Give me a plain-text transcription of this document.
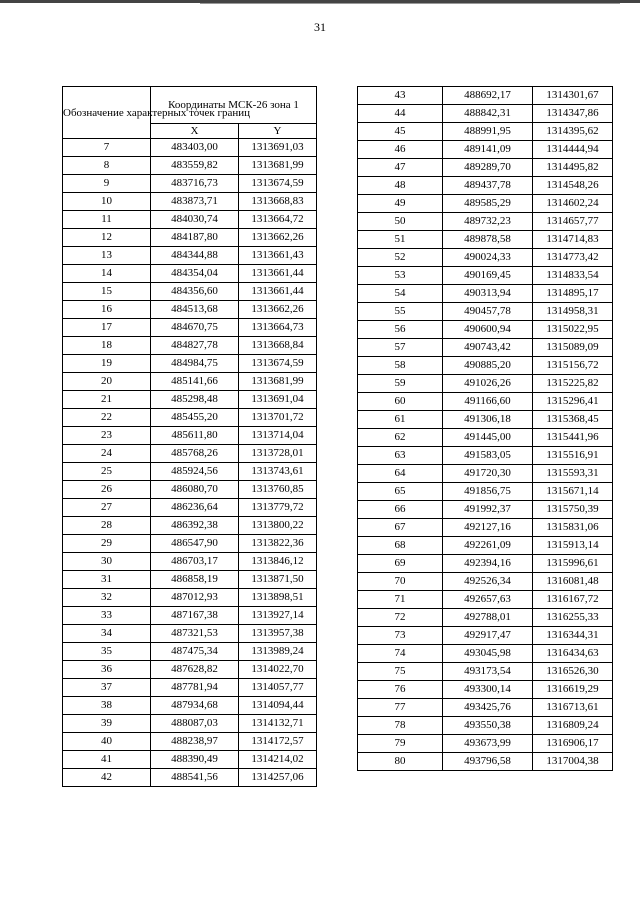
31
Обозначение характерных точек границ	Координаты МСК-26 зона 1	
	X	Y
7	483403,00	1313691,03
8	483559,82	1313681,99
9	483716,73	1313674,59
10	483873,71	1313668,83
11	484030,74	1313664,72
12	484187,80	1313662,26
13	484344,88	1313661,43
14	484354,04	1313661,44
15	484356,60	1313661,44
16	484513,68	1313662,26
17	484670,75	1313664,73
18	484827,78	1313668,84
19	484984,75	1313674,59
20	485141,66	1313681,99
21	485298,48	1313691,04
22	485455,20	1313701,72
23	485611,80	1313714,04
24	485768,26	1313728,01
25	485924,56	1313743,61
26	486080,70	1313760,85
27	486236,64	1313779,72
28	486392,38	1313800,22
29	486547,90	1313822,36
30	486703,17	1313846,12
31	486858,19	1313871,50
32	487012,93	1313898,51
33	487167,38	1313927,14
34	487321,53	1313957,38
35	487475,34	1313989,24
36	487628,82	1314022,70
37	487781,94	1314057,77
38	487934,68	1314094,44
39	488087,03	1314132,71
40	488238,97	1314172,57
41	488390,49	1314214,02
42	488541,56	1314257,06
43	488692,17	1314301,67
44	488842,31	1314347,86
45	488991,95	1314395,62
46	489141,09	1314444,94
47	489289,70	1314495,82
48	489437,78	1314548,26
49	489585,29	1314602,24
50	489732,23	1314657,77
51	489878,58	1314714,83
52	490024,33	1314773,42
53	490169,45	1314833,54
54	490313,94	1314895,17
55	490457,78	1314958,31
56	490600,94	1315022,95
57	490743,42	1315089,09
58	490885,20	1315156,72
59	491026,26	1315225,82
60	491166,60	1315296,41
61	491306,18	1315368,45
62	491445,00	1315441,96
63	491583,05	1315516,91
64	491720,30	1315593,31
65	491856,75	1315671,14
66	491992,37	1315750,39
67	492127,16	1315831,06
68	492261,09	1315913,14
69	492394,16	1315996,61
70	492526,34	1316081,48
71	492657,63	1316167,72
72	492788,01	1316255,33
73	492917,47	1316344,31
74	493045,98	1316434,63
75	493173,54	1316526,30
76	493300,14	1316619,29
77	493425,76	1316713,61
78	493550,38	1316809,24
79	493673,99	1316906,17
80	493796,58	1317004,38
